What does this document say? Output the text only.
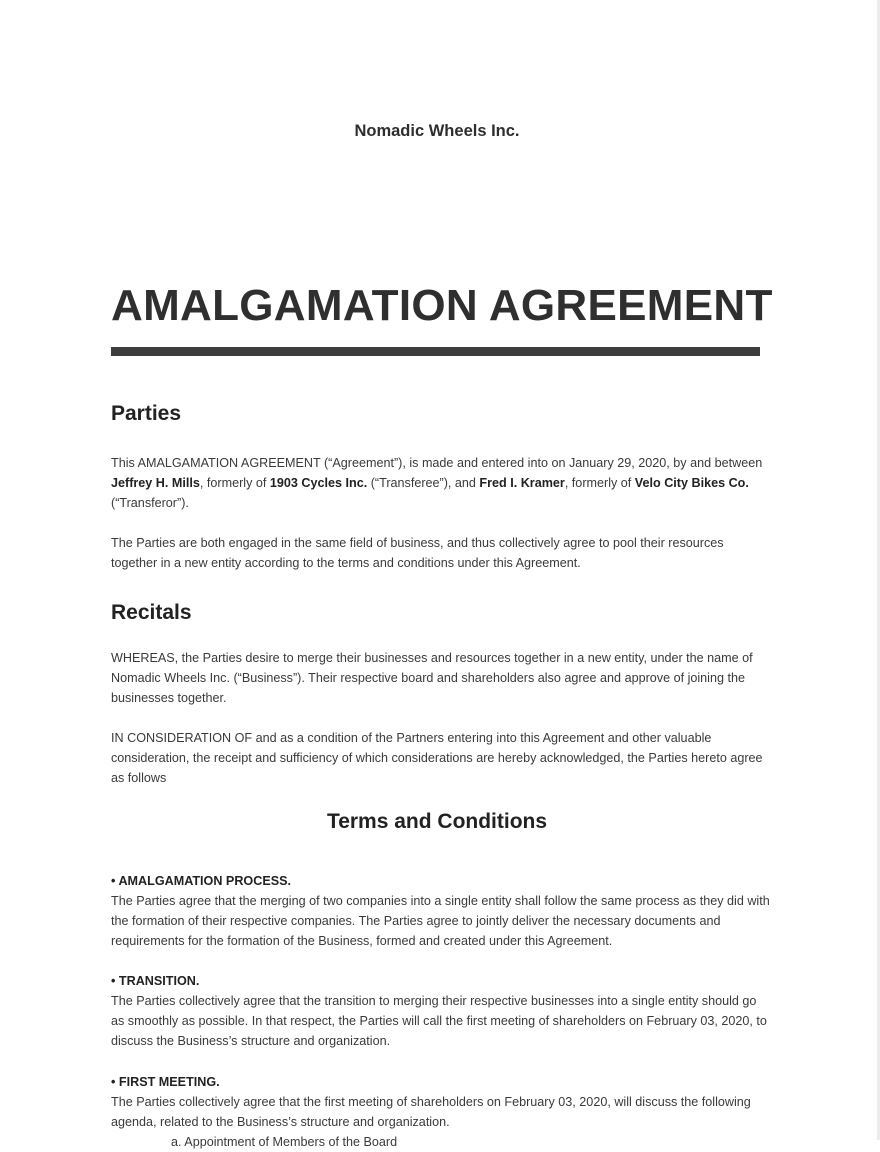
Nomadic Wheels Inc.
AMALGAMATION AGREEMENT
Parties

This AMALGAMATION AGREEMENT (“Agreement”), is made and entered into on January 29, 2020, by and between Jeffrey H. Mills, formerly of 1903 Cycles Inc. (“Transferee”), and Fred I. Kramer, formerly of Velo City Bikes Co. (“Transferor”).

The Parties are both engaged in the same field of business, and thus collectively agree to pool their resources together in a new entity according to the terms and conditions under this Agreement.

Recitals

WHEREAS, the Parties desire to merge their businesses and resources together in a new entity, under the name of Nomadic Wheels Inc. (“Business”). Their respective board and shareholders also agree and approve of joining the businesses together.

IN CONSIDERATION OF and as a condition of the Partners entering into this Agreement and other valuable consideration, the receipt and sufficiency of which considerations are hereby acknowledged, the Parties hereto agree as follows

Terms and Conditions
• AMALGAMATION PROCESS.

The Parties agree that the merging of two companies into a single entity shall follow the same process as they did with the formation of their respective companies. The Parties agree to jointly deliver the necessary documents and requirements for the formation of the Business, formed and created under this Agreement.

• TRANSITION.

The Parties collectively agree that the transition to merging their respective businesses into a single entity should go as smoothly as possible. In that respect, the Parties will call the first meeting of shareholders on February 03, 2020, to discuss the Business’s structure and organization.

• FIRST MEETING.

The Parties collectively agree that the first meeting of shareholders on February 03, 2020, will discuss the following agenda, related to the Business’s structure and organization.

a. Appointment of Members of the Board
